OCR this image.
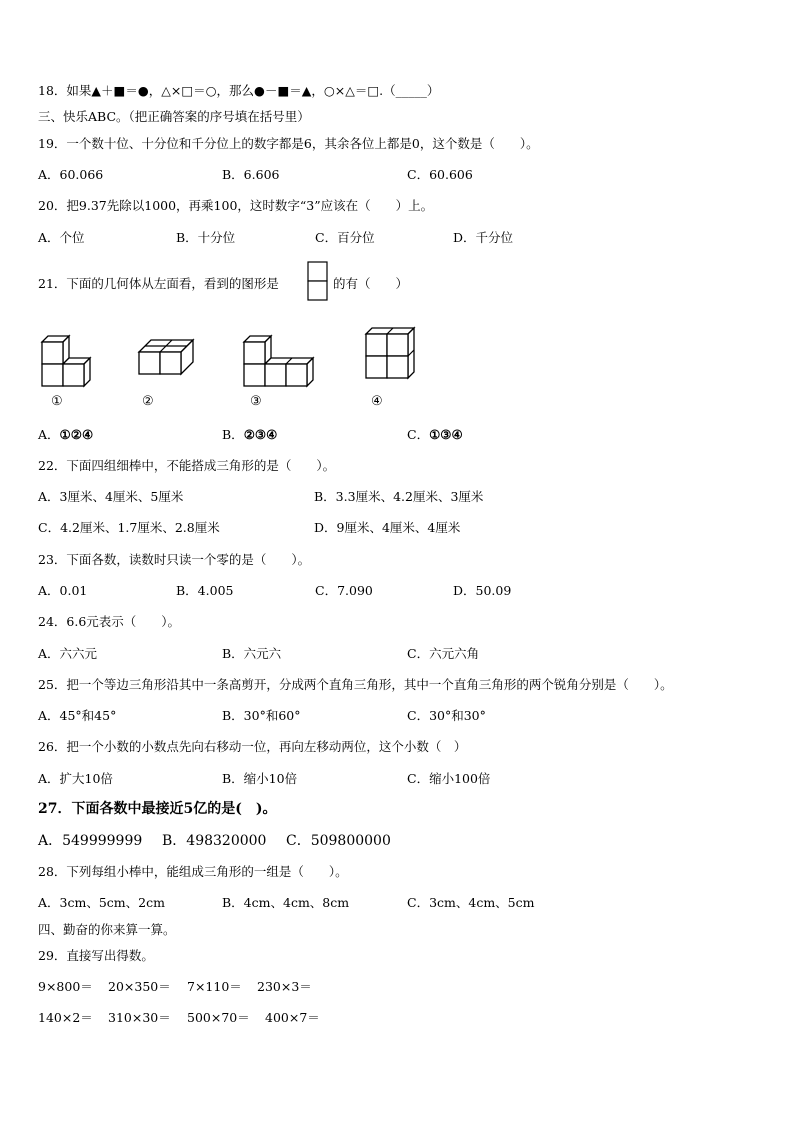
18．如果▲＋■＝●，△×□＝○，那么●－■＝▲，○×△＝□.（_____）
三、快乐ABC。（把正确答案的序号填在括号里）
19．一个数十位、十分位和千分位上的数字都是6，其余各位上都是0，这个数是（　　）。
A．60.066	B．6.606	C．60.606
20．把9.37先除以1000，再乘100，这时数字“3”应该在（　　）上。
A．个位	B．十分位	C．百分位	D．千分位
21．下面的几何体从左面看，看到的图形是	的有（　　）
①	②	③	④
A．①②④	B．②③④	C．①③④
22．下面四组细棒中，不能搭成三角形的是（　　）。
A．3厘米、4厘米、5厘米	B．3.3厘米、4.2厘米、3厘米
C．4.2厘米、1.7厘米、2.8厘米	D．9厘米、4厘米、4厘米
23．下面各数，读数时只读一个零的是（　　）。
A．0.01	B．4.005	C．7.090	D．50.09
24．6.6元表示（　　）。
A．六六元	B．六元六	C．六元六角
25．把一个等边三角形沿其中一条高剪开，分成两个直角三角形，其中一个直角三角形的两个锐角分别是（　　）。
A．45°和45°	B．30°和60°	C．30°和30°
26．把一个小数的小数点先向右移动一位，再向左移动两位，这个小数（　）
A．扩大10倍	B．缩小10倍	C．缩小100倍
27．下面各数中最接近5亿的是(　)。
A．549999999 B．498320000 C．509800000
28．下列每组小棒中，能组成三角形的一组是（　　）。
A．3cm、5cm、2cm	B．4cm、4cm、8cm	C．3cm、4cm、5cm
四、勤奋的你来算一算。
29．直接写出得数。
9×800＝ 20×350＝ 7×110＝ 230×3＝
140×2＝ 310×30＝ 500×70＝ 400×7＝
